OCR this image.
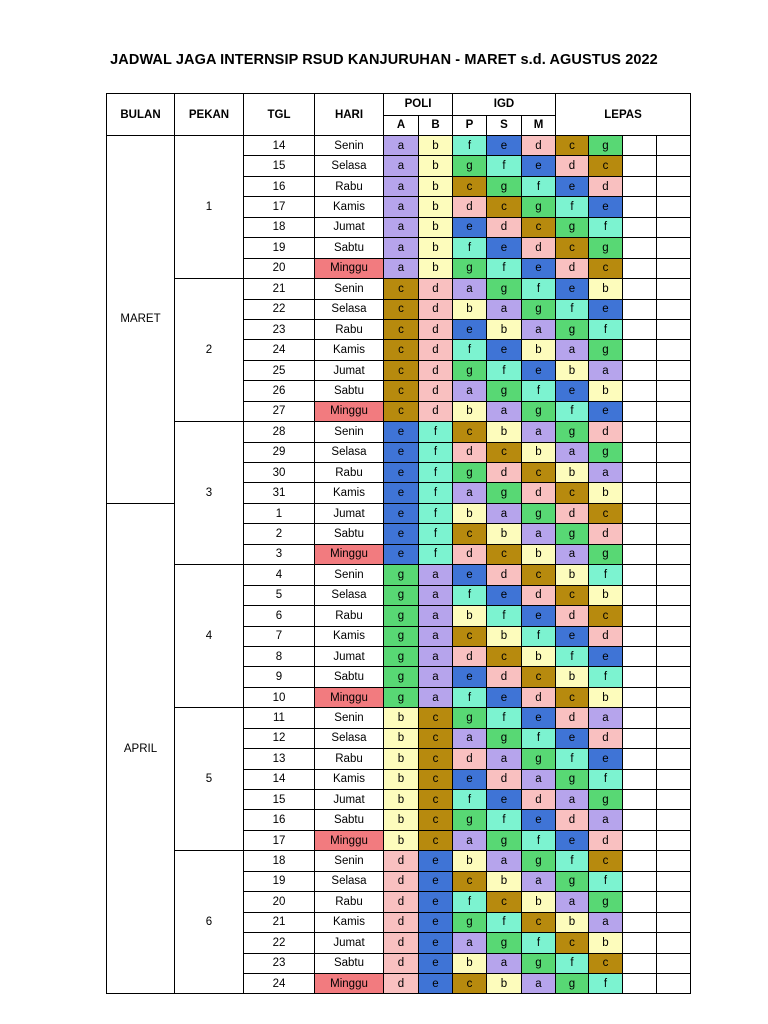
JADWAL JAGA INTERNSIP RSUD KANJURUHAN - MARET s.d. AGUSTUS 2022
BULAN	PEKAN	TGL	HARI	POLI		IGD			LEPAS			
				A	B	P	S	M				
MARET	1	14	Senin	a	b	f	e	d	c	g		
		15	Selasa	a	b	g	f	e	d	c		
		16	Rabu	a	b	c	g	f	e	d		
		17	Kamis	a	b	d	c	g	f	e		
		18	Jumat	a	b	e	d	c	g	f		
		19	Sabtu	a	b	f	e	d	c	g		
		20	Minggu	a	b	g	f	e	d	c		
	2	21	Senin	c	d	a	g	f	e	b		
		22	Selasa	c	d	b	a	g	f	e		
		23	Rabu	c	d	e	b	a	g	f		
		24	Kamis	c	d	f	e	b	a	g		
		25	Jumat	c	d	g	f	e	b	a		
		26	Sabtu	c	d	a	g	f	e	b		
		27	Minggu	c	d	b	a	g	f	e		
	3	28	Senin	e	f	c	b	a	g	d		
		29	Selasa	e	f	d	c	b	a	g		
		30	Rabu	e	f	g	d	c	b	a		
		31	Kamis	e	f	a	g	d	c	b		
APRIL		1	Jumat	e	f	b	a	g	d	c		
		2	Sabtu	e	f	c	b	a	g	d		
		3	Minggu	e	f	d	c	b	a	g		
	4	4	Senin	g	a	e	d	c	b	f		
		5	Selasa	g	a	f	e	d	c	b		
		6	Rabu	g	a	b	f	e	d	c		
		7	Kamis	g	a	c	b	f	e	d		
		8	Jumat	g	a	d	c	b	f	e		
		9	Sabtu	g	a	e	d	c	b	f		
		10	Minggu	g	a	f	e	d	c	b		
	5	11	Senin	b	c	g	f	e	d	a		
		12	Selasa	b	c	a	g	f	e	d		
		13	Rabu	b	c	d	a	g	f	e		
		14	Kamis	b	c	e	d	a	g	f		
		15	Jumat	b	c	f	e	d	a	g		
		16	Sabtu	b	c	g	f	e	d	a		
		17	Minggu	b	c	a	g	f	e	d		
	6	18	Senin	d	e	b	a	g	f	c		
		19	Selasa	d	e	c	b	a	g	f		
		20	Rabu	d	e	f	c	b	a	g		
		21	Kamis	d	e	g	f	c	b	a		
		22	Jumat	d	e	a	g	f	c	b		
		23	Sabtu	d	e	b	a	g	f	c		
		24	Minggu	d	e	c	b	a	g	f		
